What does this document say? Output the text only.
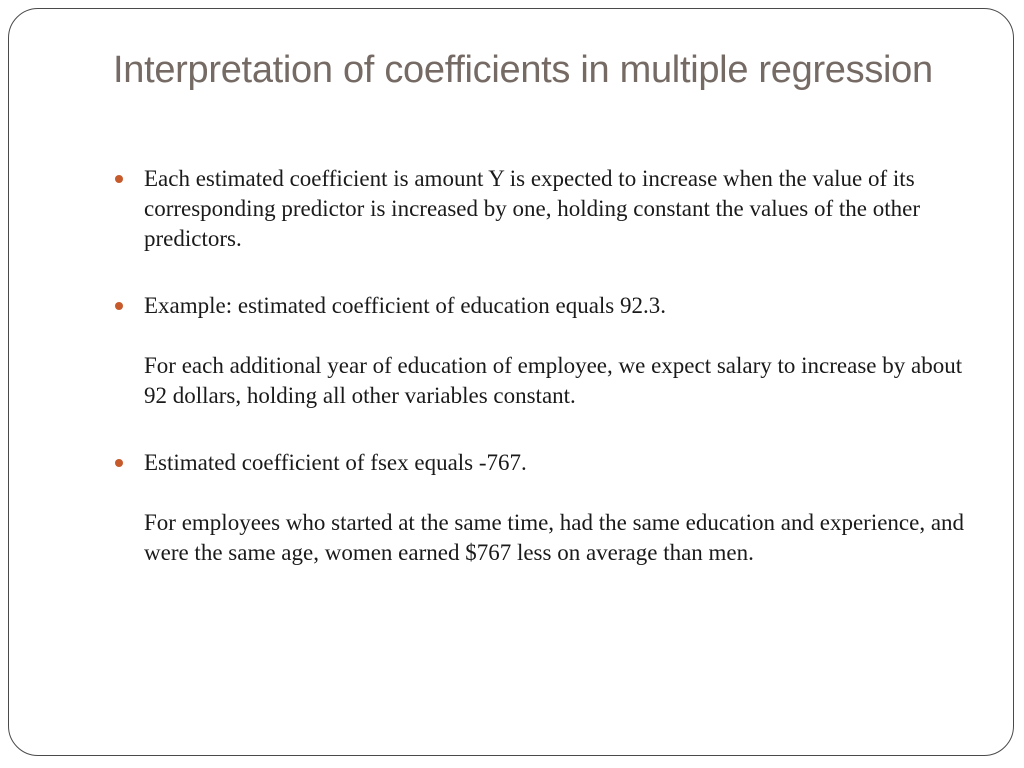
Interpretation of coefficients in multiple regression

Each estimated coefficient is amount Y is expected to increase when the value of its corresponding predictor is increased by one, holding constant the values of the other predictors.

Example: estimated coefficient of education equals 92.3.

For each additional year of education of employee, we expect salary to increase by about 92 dollars, holding all other variables constant.

Estimated coefficient of fsex equals -767.

For employees who started at the same time, had the same education and experience, and were the same age, women earned $767 less on average than men.
